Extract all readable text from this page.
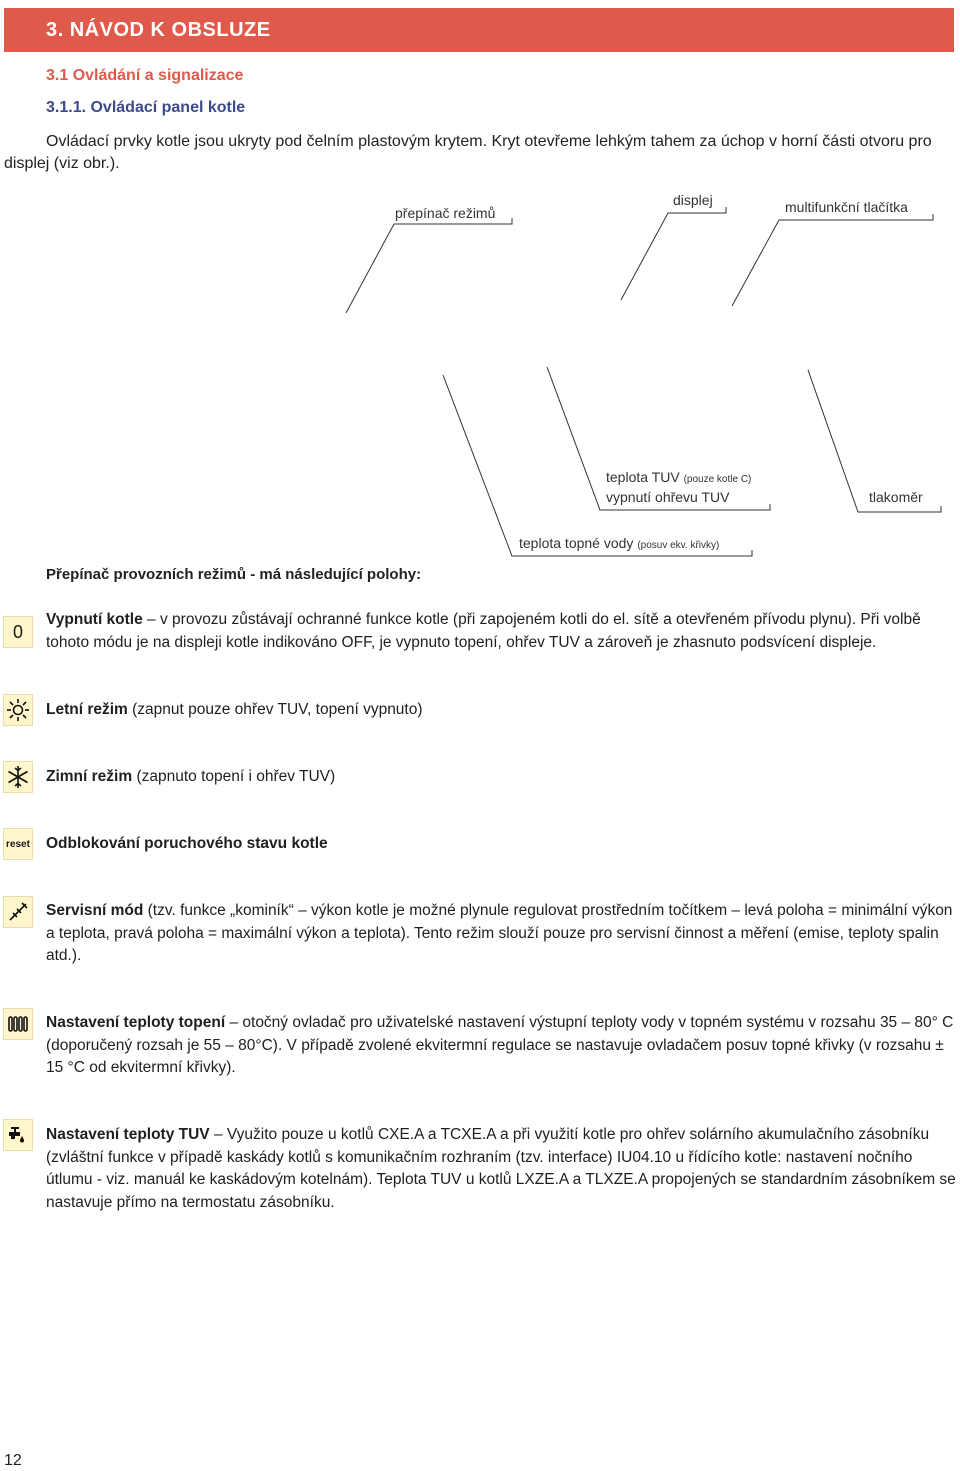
3. NÁVOD K OBSLUZE
3.1 Ovládání a signalizace
3.1.1. Ovládací panel kotle
Ovládací prvky kotle jsou ukryty pod čelním plastovým krytem. Kryt otevřeme lehkým tahem za úchop v horní části otvoru pro displej (viz obr.).
přepínač režimů
displej	multifunkční tlačítka
teplota TUV (pouze kotle C)
vypnutí ohřevu TUV	tlakoměr
teplota topné vody (posuv ekv. křivky)
Přepínač provozních režimů - má následující polohy:
0
Vypnutí kotle – v provozu zůstávají ochranné funkce kotle (při zapojeném kotli do el. sítě a otevřeném přívodu plynu). Při volbě tohoto módu je na displeji kotle indikováno OFF, je vypnuto topení, ohřev TUV a zároveň je zhasnuto podsvícení displeje.
Letní režim (zapnut pouze ohřev TUV, topení vypnuto)
Zimní režim (zapnuto topení i ohřev TUV)
reset Odblokování poruchového stavu kotle
Servisní mód (tzv. funkce „kominík“ – výkon kotle je možné plynule regulovat prostředním točítkem – levá poloha = minimální výkon a teplota, pravá poloha = maximální výkon a teplota). Tento režim slouží pouze pro servisní činnost a měření (emise, teploty spalin atd.).
Nastavení teploty topení – otočný ovladač pro uživatelské nastavení výstupní teploty vody v topném systému v rozsahu 35 – 80° C (doporučený rozsah je 55 – 80°C). V případě zvolené ekvitermní regulace se nastavuje ovladačem posuv topné křivky (v rozsahu ± 15 °C od ekvitermní křivky).
Nastavení teploty TUV – Využito pouze u kotlů CXE.A a TCXE.A a při využití kotle pro ohřev solárního akumulačního zásobníku (zvláštní funkce v případě kaskády kotlů s komunikačním rozhraním (tzv. interface) IU04.10 u řídícího kotle: nastavení nočního útlumu - viz. manuál ke kaskádovým kotelnám). Teplota TUV u kotlů LXZE.A a TLXZE.A propojených se standardním zásobníkem se nastavuje přímo na termostatu zásobníku.
12
